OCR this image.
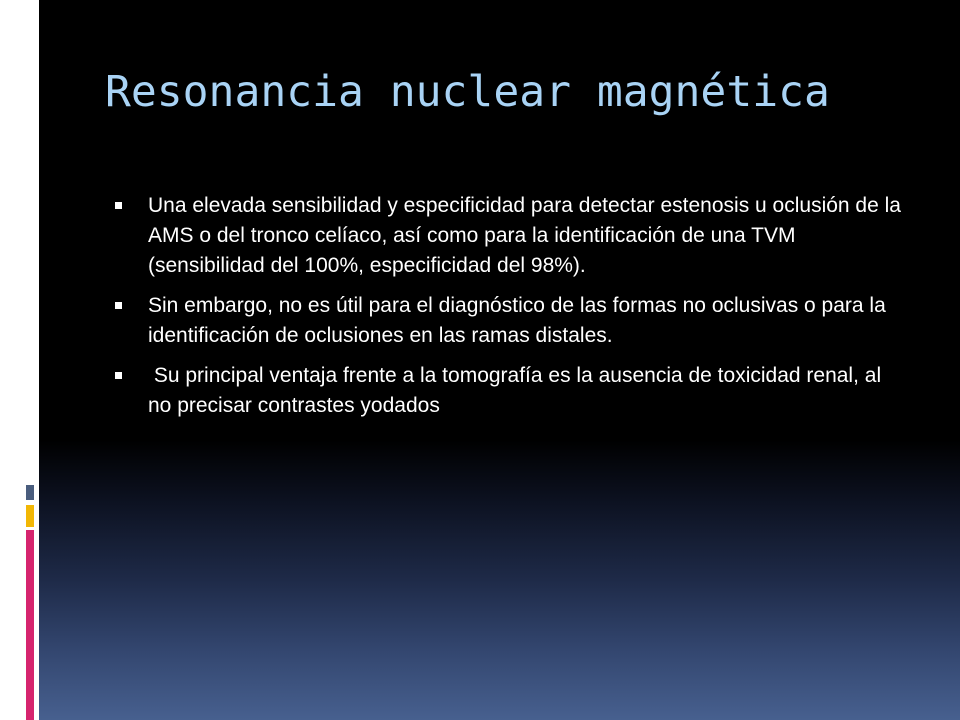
Resonancia nuclear magnética
Una elevada sensibilidad y especificidad para detectar estenosis u oclusión de la AMS o del tronco celíaco, así como para la identificación de una TVM (sensibilidad del 100%, especificidad del 98%).
Sin embargo, no es útil para el diagnóstico de las formas no oclusivas o para la identificación de oclusiones en las ramas distales.
Su principal ventaja frente a la tomografía es la ausencia de toxicidad renal, al no precisar contrastes yodados
